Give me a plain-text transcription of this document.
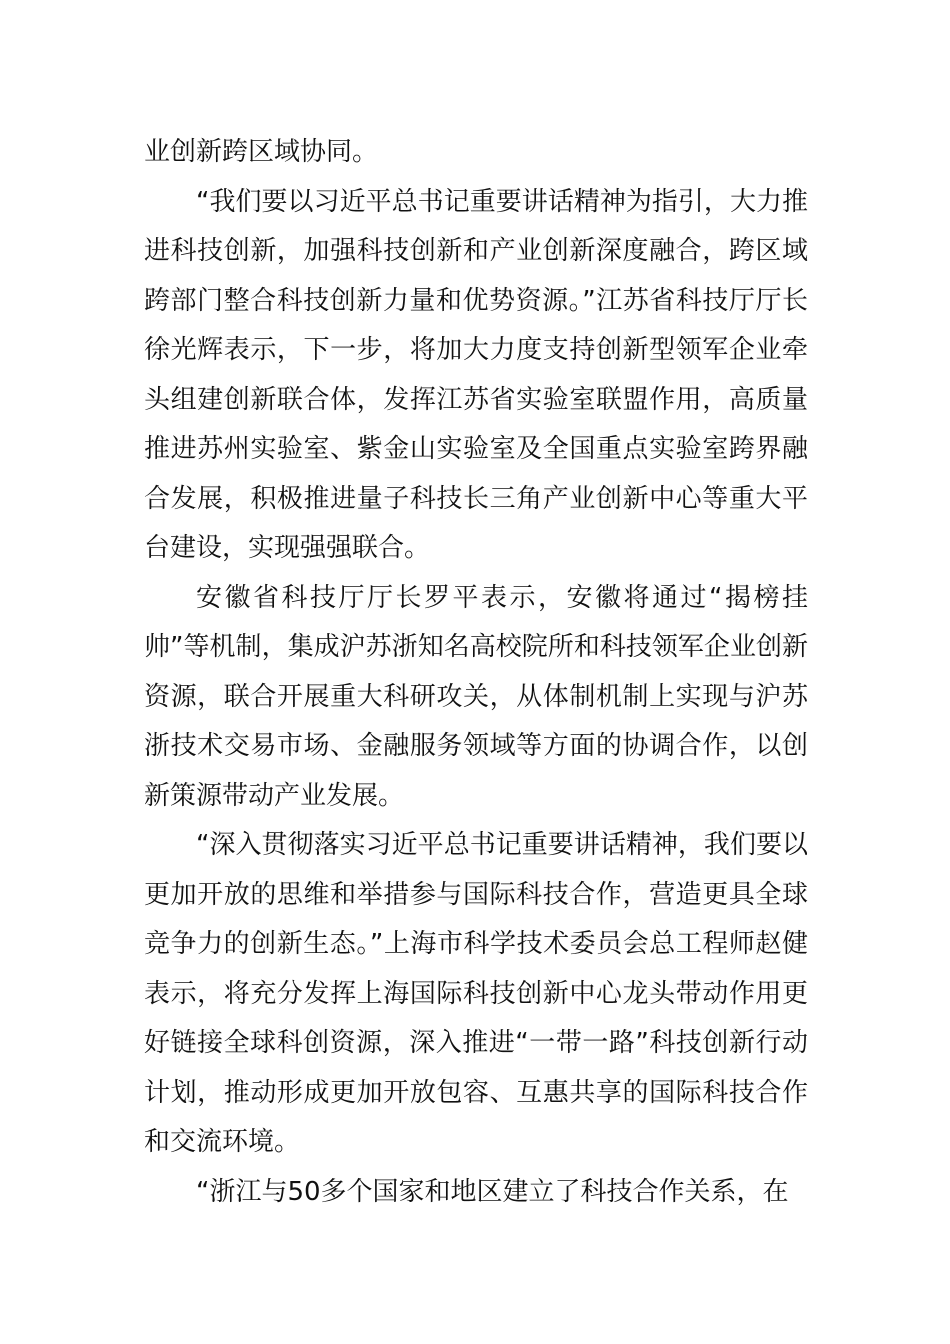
业创新跨区域协同。

“我们要以习近平总书记重要讲话精神为指引，大力推进科技创新，加强科技创新和产业创新深度融合，跨区域跨部门整合科技创新力量和优势资源。”江苏省科技厅厅长徐光辉表示，下一步，将加大力度支持创新型领军企业牵头组建创新联合体，发挥江苏省实验室联盟作用，高质量推进苏州实验室、紫金山实验室及全国重点实验室跨界融合发展，积极推进量子科技长三角产业创新中心等重大平台建设，实现强强联合。

安徽省科技厅厅长罗平表示，安徽将通过“揭榜挂帅”等机制，集成沪苏浙知名高校院所和科技领军企业创新资源，联合开展重大科研攻关，从体制机制上实现与沪苏浙技术交易市场、金融服务领域等方面的协调合作，以创新策源带动产业发展。

“深入贯彻落实习近平总书记重要讲话精神，我们要以更加开放的思维和举措参与国际科技合作，营造更具全球竞争力的创新生态。”上海市科学技术委员会总工程师赵健表示，将充分发挥上海国际科技创新中心龙头带动作用更好链接全球科创资源，深入推进“一带一路”科技创新行动计划，推动形成更加开放包容、互惠共享的国际科技合作和交流环境。

“浙江与50多个国家和地区建立了科技合作关系，在
